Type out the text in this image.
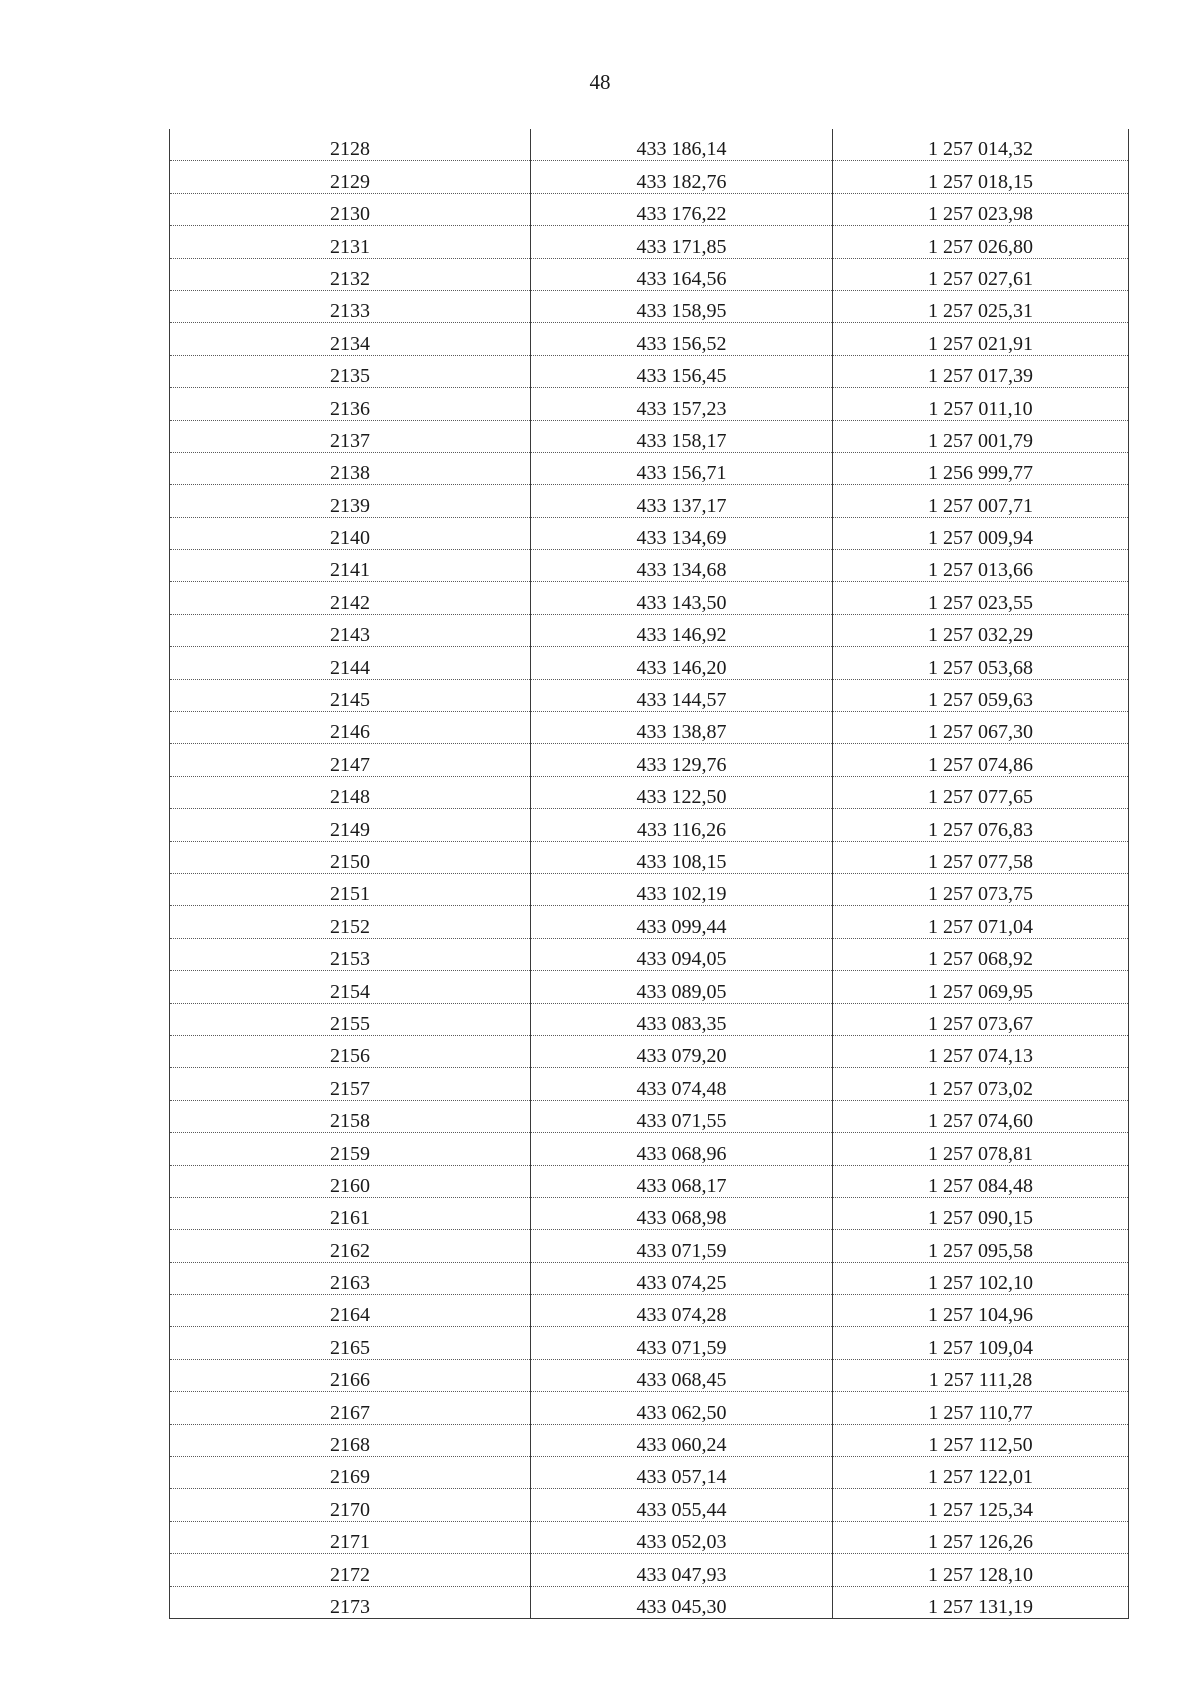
48
2128	433 186,14	1 257 014,32
2129	433 182,76	1 257 018,15
2130	433 176,22	1 257 023,98
2131	433 171,85	1 257 026,80
2132	433 164,56	1 257 027,61
2133	433 158,95	1 257 025,31
2134	433 156,52	1 257 021,91
2135	433 156,45	1 257 017,39
2136	433 157,23	1 257 011,10
2137	433 158,17	1 257 001,79
2138	433 156,71	1 256 999,77
2139	433 137,17	1 257 007,71
2140	433 134,69	1 257 009,94
2141	433 134,68	1 257 013,66
2142	433 143,50	1 257 023,55
2143	433 146,92	1 257 032,29
2144	433 146,20	1 257 053,68
2145	433 144,57	1 257 059,63
2146	433 138,87	1 257 067,30
2147	433 129,76	1 257 074,86
2148	433 122,50	1 257 077,65
2149	433 116,26	1 257 076,83
2150	433 108,15	1 257 077,58
2151	433 102,19	1 257 073,75
2152	433 099,44	1 257 071,04
2153	433 094,05	1 257 068,92
2154	433 089,05	1 257 069,95
2155	433 083,35	1 257 073,67
2156	433 079,20	1 257 074,13
2157	433 074,48	1 257 073,02
2158	433 071,55	1 257 074,60
2159	433 068,96	1 257 078,81
2160	433 068,17	1 257 084,48
2161	433 068,98	1 257 090,15
2162	433 071,59	1 257 095,58
2163	433 074,25	1 257 102,10
2164	433 074,28	1 257 104,96
2165	433 071,59	1 257 109,04
2166	433 068,45	1 257 111,28
2167	433 062,50	1 257 110,77
2168	433 060,24	1 257 112,50
2169	433 057,14	1 257 122,01
2170	433 055,44	1 257 125,34
2171	433 052,03	1 257 126,26
2172	433 047,93	1 257 128,10
2173	433 045,30	1 257 131,19
